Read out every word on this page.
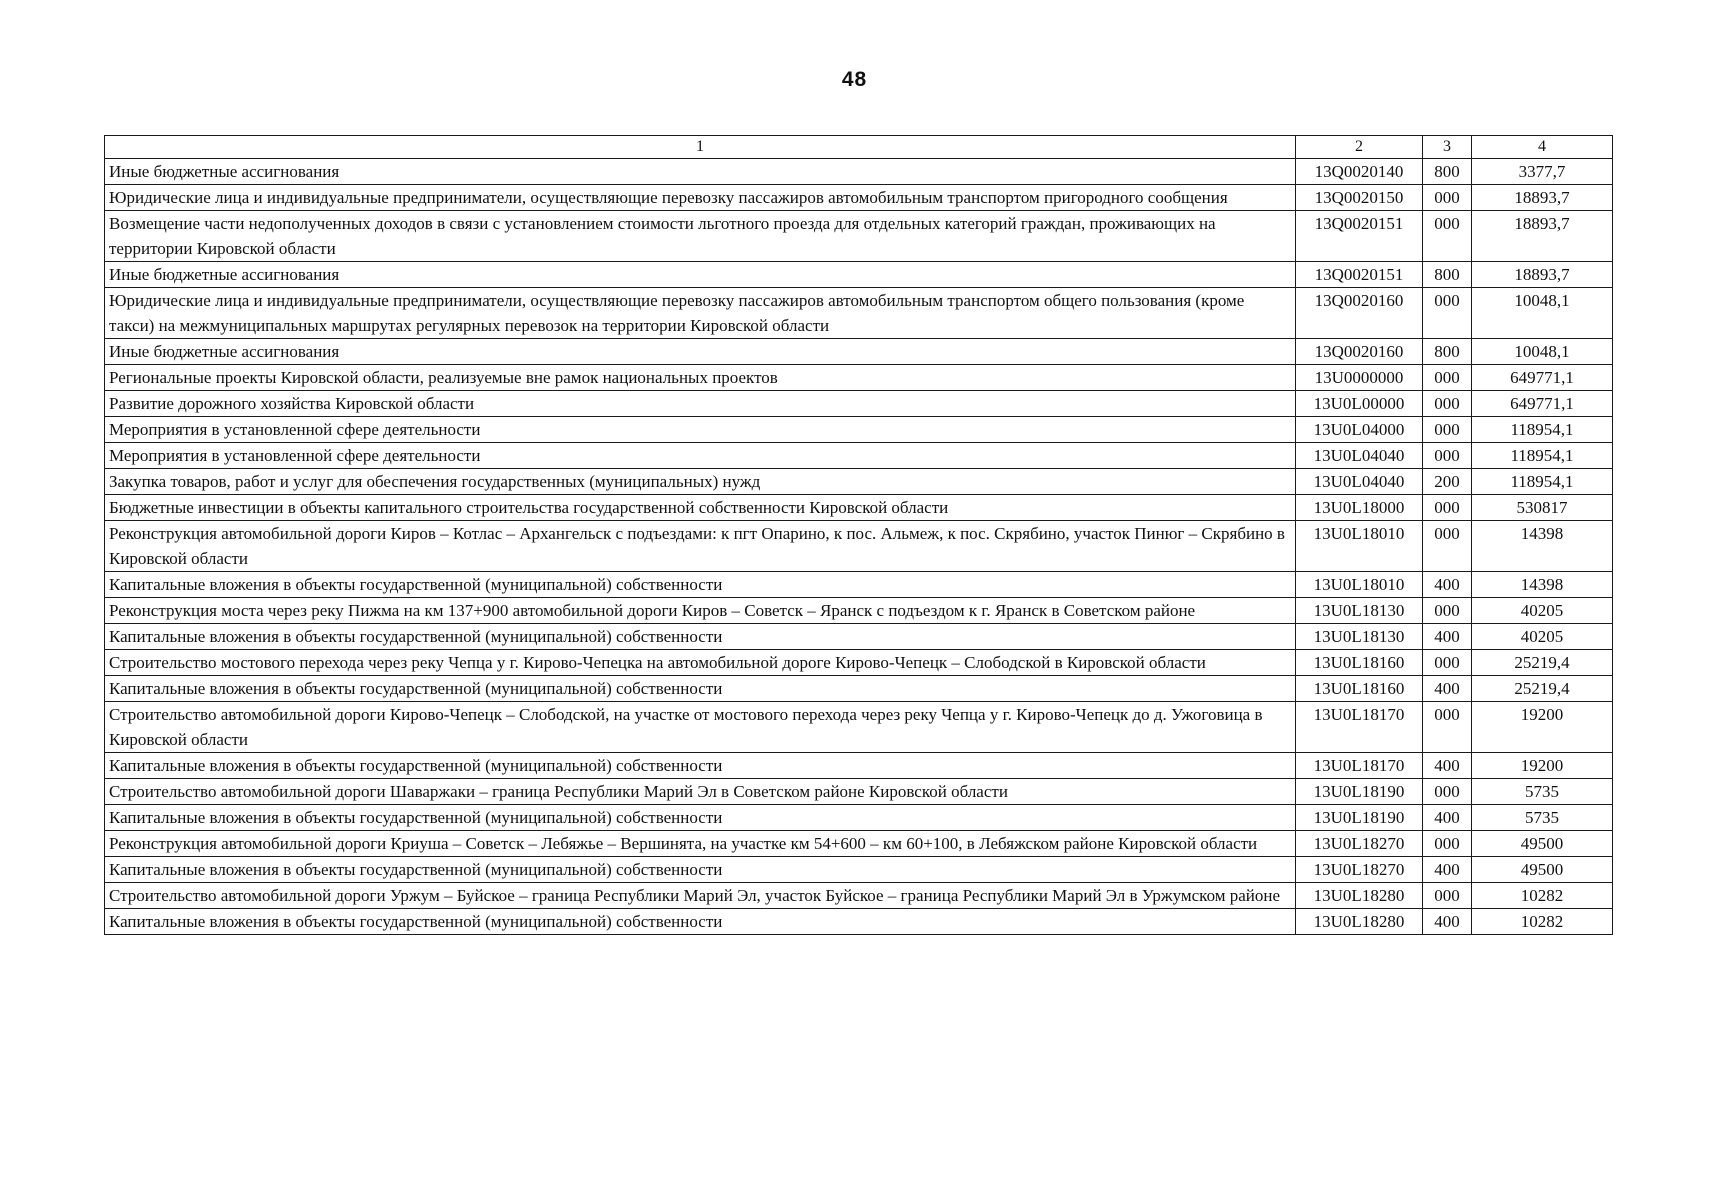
48
1	2	3	4
Иные бюджетные ассигнования	13Q0020140	800	3377,7
Юридические лица и индивидуальные предприниматели, осуществляющие перевозку пассажиров автомобильным транспортом пригородного сообщения	13Q0020150	000	18893,7
Возмещение части недополученных доходов в связи с установлением стоимости льготного проезда для отдельных категорий граждан, проживающих на территории Кировской области	13Q0020151	000	18893,7
Иные бюджетные ассигнования	13Q0020151	800	18893,7
Юридические лица и индивидуальные предприниматели, осуществляющие перевозку пассажиров автомобильным транспортом общего пользования (кроме такси) на межмуниципальных маршрутах регулярных перевозок на территории Кировской области	13Q0020160	000	10048,1
Иные бюджетные ассигнования	13Q0020160	800	10048,1
Региональные проекты Кировской области, реализуемые вне рамок национальных проектов	13U0000000	000	649771,1
Развитие дорожного хозяйства Кировской области	13U0L00000	000	649771,1
Мероприятия в установленной сфере деятельности	13U0L04000	000	118954,1
Мероприятия в установленной сфере деятельности	13U0L04040	000	118954,1
Закупка товаров, работ и услуг для обеспечения государственных (муниципальных) нужд	13U0L04040	200	118954,1
Бюджетные инвестиции в объекты капитального строительства государственной собственности Кировской области	13U0L18000	000	530817
Реконструкция автомобильной дороги Киров – Котлас – Архангельск с подъездами: к пгт Опарино, к пос. Альмеж, к пос. Скрябино, участок Пинюг – Скрябино в Кировской области	13U0L18010	000	14398
Капитальные вложения в объекты государственной (муниципальной) собственности	13U0L18010	400	14398
Реконструкция моста через реку Пижма на км 137+900 автомобильной дороги Киров – Советск – Яранск с подъездом к г. Яранск в Советском районе	13U0L18130	000	40205
Капитальные вложения в объекты государственной (муниципальной) собственности	13U0L18130	400	40205
Строительство мостового перехода через реку Чепца у г. Кирово-Чепецка на автомобильной дороге Кирово-Чепецк – Слободской в Кировской области	13U0L18160	000	25219,4
Капитальные вложения в объекты государственной (муниципальной) собственности	13U0L18160	400	25219,4
Строительство автомобильной дороги Кирово-Чепецк – Слободской, на участке от мостового перехода через реку Чепца у г. Кирово-Чепецк до д. Ужоговица в Кировской области	13U0L18170	000	19200
Капитальные вложения в объекты государственной (муниципальной) собственности	13U0L18170	400	19200
Строительство автомобильной дороги Шаваржаки – граница Республики Марий Эл в Советском районе Кировской области	13U0L18190	000	5735
Капитальные вложения в объекты государственной (муниципальной) собственности	13U0L18190	400	5735
Реконструкция автомобильной дороги Криуша – Советск – Лебяжье – Вершинята, на участке км 54+600 – км 60+100, в Лебяжском районе Кировской области	13U0L18270	000	49500
Капитальные вложения в объекты государственной (муниципальной) собственности	13U0L18270	400	49500
Строительство автомобильной дороги Уржум – Буйское – граница Республики Марий Эл, участок Буйское – граница Республики Марий Эл в Уржумском районе	13U0L18280	000	10282
Капитальные вложения в объекты государственной (муниципальной) собственности	13U0L18280	400	10282
